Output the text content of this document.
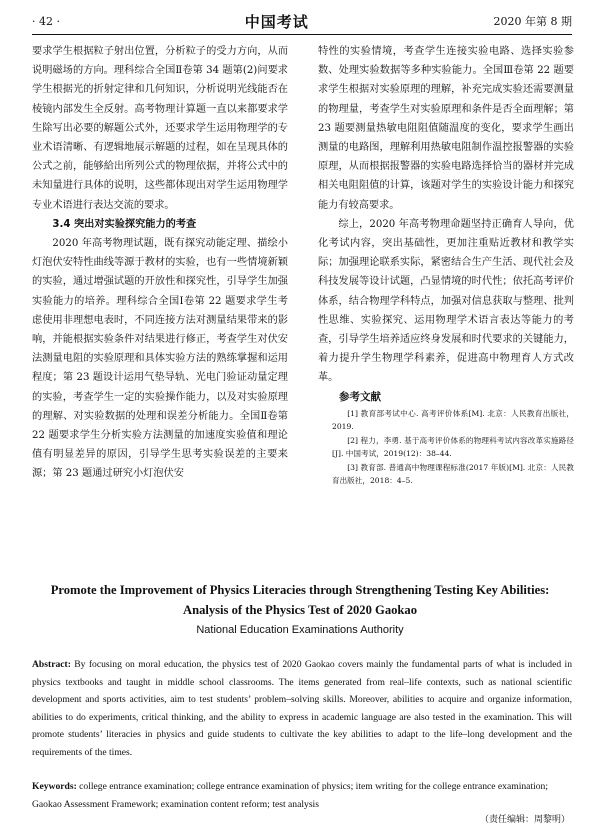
· 42 ·	中国考试	2020 年第 8 期

要求学生根据粒子射出位置，分析粒子的受力方向，从而说明磁场的方向。理科综合全国Ⅱ卷第 34 题第(2)问要求学生根据光的折射定律和几何知识，分析说明光线能否在棱镜内部发生全反射。高考物理计算题一直以来都要求学生除写出必要的解题公式外，还要求学生运用物理学的专业术语清晰、有逻辑地展示解题的过程，如在呈现具体的公式之前，能够給出所列公式的物理依据，并将公式中的未知量进行具体的说明，这些都体现出对学生运用物理学专业术语进行表达交流的要求。

3.4 突出对实验探究能力的考查

2020 年高考物理试题，既有探究动能定理、描绘小灯泡伏安特性曲线等源于教材的实验，也有一些情境新颖的实验，通过增强试题的开放性和探究性，引导学生加强实验能力的培养。理科综合全国Ⅰ卷第 22 题要求学生考虑使用非理想电表时，不同连接方法对测量结果带来的影响，并能根据实验条件对结果进行修正，考查学生对伏安法测量电阻的实验原理和具体实验方法的熟练掌握和运用程度；第 23 题设计运用气垫导轨、光电门验证动量定理的实验，考查学生一定的实验操作能力，以及对实验原理的理解、对实验数据的处理和误差分析能力。全国Ⅱ卷第 22 题要求学生分析实验方法测量的加速度实验值和理论值有明显差异的原因，引导学生思考实验误差的主要来源；第 23 题通过研究小灯泡伏安

特性的实验情境，考查学生连接实验电路、选择实验参数、处理实验数据等多种实验能力。全国Ⅲ卷第 22 题要求学生根据对实验原理的理解，补充完成实验还需要测量的物理量，考查学生对实验原理和条件是否全面理解；第 23 题要测量热敏电阻阻值随温度的变化，要求学生画出测量的电路图，理解利用热敏电阻制作温控报警器的实验原理，从而根据报警器的实验电路选择恰当的器材并完成相关电阻阻值的计算，该题对学生的实验设计能力和探究能力有较高要求。

综上，2020 年高考物理命题坚持正确育人导向，优化考试内容，突出基础性，更加注重贴近教材和教学实际；加强理论联系实际，紧密结合生产生活、现代社会及科技发展等设计试题，凸显情境的时代性；依托高考评价体系，结合物理学科特点，加强对信息获取与整理、批判性思维、实验探究、运用物理学术语言表达等能力的考查，引导学生培养适应终身发展和时代要求的关键能力，着力提升学生物理学科素养，促进高中物理育人方式改革。

参考文献

[1] 教育部考试中心. 高考评价体系[M]. 北京：人民教育出版社，2019.

[2] 程力，李勇. 基于高考评价体系的物理科考试内容改革实施路径[J]. 中国考试，2019(12)：38–44.

[3] 教育部. 普通高中物理课程标准(2017 年版)[M]. 北京：人民教育出版社，2018：4–5.

Promote the Improvement of Physics Literacies through Strengthening Testing Key Abilities:
Analysis of the Physics Test of 2020 Gaokao
National Education Examinations Authority
Abstract: By focusing on moral education, the physics test of 2020 Gaokao covers mainly the fundamental parts of what is included in physics textbooks and taught in middle school classrooms. The items generated from real–life contexts, such as national scientific development and sports activities, aim to test students’ problem–solving skills. Moreover, abilities to acquire and organize information, abilities to do experiments, critical thinking, and the ability to express in academic language are also tested in the examination. This will promote students’ literacies in physics and guide students to cultivate the key abilities to adapt to the life–long development and the requirements of the times.
Keywords: college entrance examination; college entrance examination of physics; item writing for the college entrance examination; Gaokao Assessment Framework; examination content reform; test analysis
（责任编辑：周黎明）
